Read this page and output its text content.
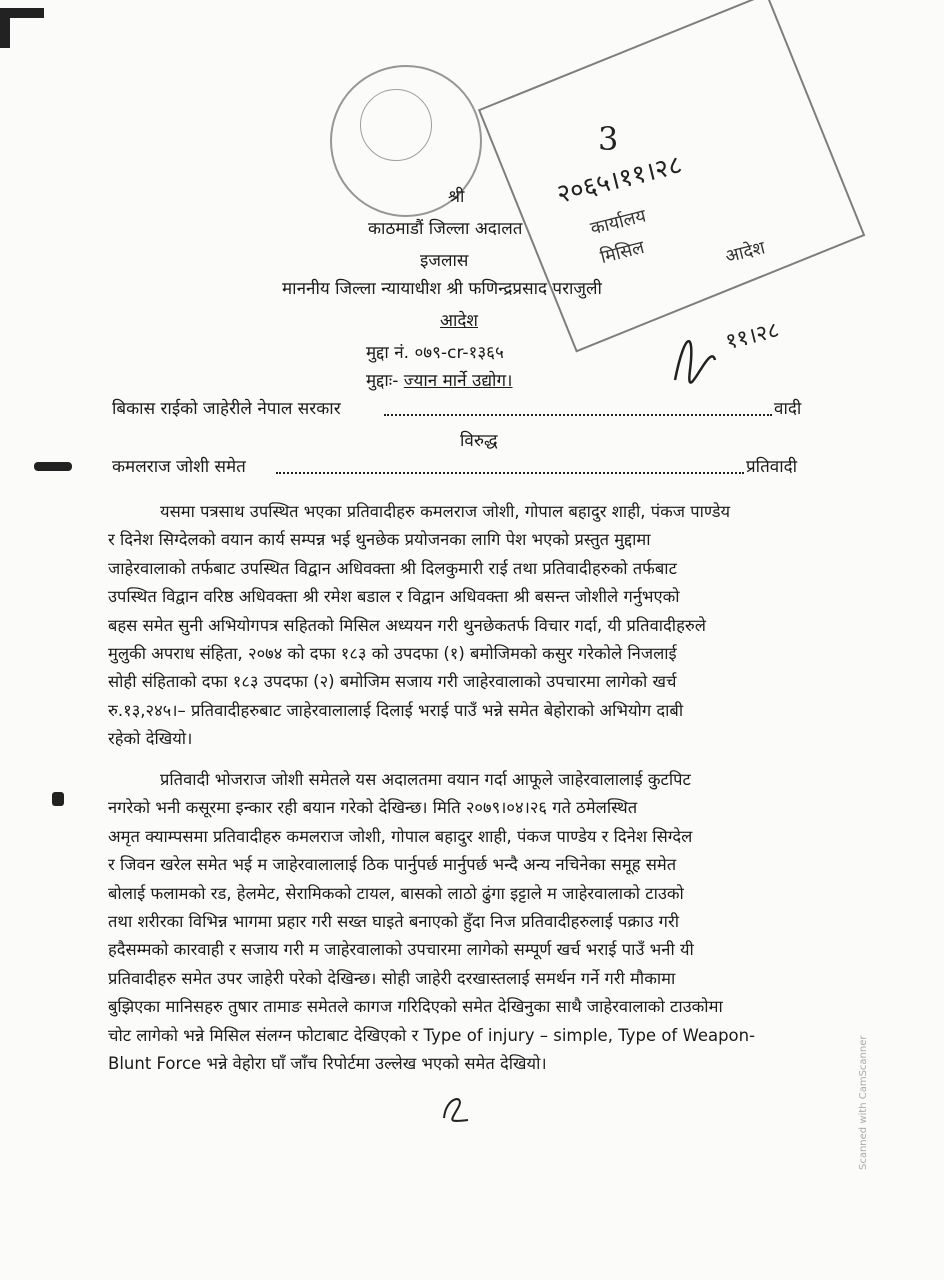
3
२०६५।११।२८
कार्यालय
मिसिल	आदेश
११।२८
श्री
काठमाडौं जिल्ला अदालत
इजलास
माननीय जिल्ला न्यायाधीश श्री फणिन्द्रप्रसाद पराजुली
आदेश
मुद्दा नं. ०७९-cr-१३६५
मुद्दाः- ज्यान मार्ने उद्योग।
बिकास राईको जाहेरीले नेपाल सरकार	वादी
विरुद्ध
कमलराज जोशी समेत	प्रतिवादी
यसमा पत्रसाथ उपस्थित भएका प्रतिवादीहरु कमलराज जोशी, गोपाल बहादुर शाही, पंकज पाण्डेय
र दिनेश सिग्देलको वयान कार्य सम्पन्न भई थुनछेक प्रयोजनका लागि पेश भएको प्रस्तुत मुद्दामा
जाहेरवालाको तर्फबाट उपस्थित विद्वान अधिवक्ता श्री दिलकुमारी राई तथा प्रतिवादीहरुको तर्फबाट
उपस्थित विद्वान वरिष्ठ अधिवक्ता श्री रमेश बडाल र विद्वान अधिवक्ता श्री बसन्त जोशीले गर्नुभएको
बहस समेत सुनी अभियोगपत्र सहितको मिसिल अध्ययन गरी थुनछेकतर्फ विचार गर्दा, यी प्रतिवादीहरुले
मुलुकी अपराध संहिता, २०७४ को दफा १८३ को उपदफा (१) बमोजिमको कसुर गरेकोले निजलाई
सोही संहिताको दफा १८३ उपदफा (२) बमोजिम सजाय गरी जाहेरवालाको उपचारमा लागेको खर्च
रु.१३,२४५।– प्रतिवादीहरुबाट जाहेरवालालाई दिलाई भराई पाउँ भन्ने समेत बेहोराको अभियोग दाबी
रहेको देखियो।
प्रतिवादी भोजराज जोशी समेतले यस अदालतमा वयान गर्दा आफूले जाहेरवालालाई कुटपिट
नगरेको भनी कसूरमा इन्कार रही बयान गरेको देखिन्छ। मिति २०७९।०४।२६ गते ठमेलस्थित
अमृत क्याम्पसमा प्रतिवादीहरु कमलराज जोशी, गोपाल बहादुर शाही, पंकज पाण्डेय र दिनेश सिग्देल
र जिवन खरेल समेत भई म जाहेरवालालाई ठिक पार्नुपर्छ मार्नुपर्छ भन्दै अन्य नचिनेका समूह समेत
बोलाई फलामको रड, हेलमेट, सेरामिकको टायल, बासको लाठो ढुंगा इट्टाले म जाहेरवालाको टाउको
तथा शरीरका विभिन्न भागमा प्रहार गरी सख्त घाइते बनाएको हुँदा निज प्रतिवादीहरुलाई पक्राउ गरी
हदैसम्मको कारवाही र सजाय गरी म जाहेरवालाको उपचारमा लागेको सम्पूर्ण खर्च भराई पाउँ भनी यी
प्रतिवादीहरु समेत उपर जाहेरी परेको देखिन्छ। सोही जाहेरी दरखास्तलाई समर्थन गर्ने गरी मौकामा
बुझिएका मानिसहरु तुषार तामाङ समेतले कागज गरिदिएको समेत देखिनुका साथै जाहेरवालाको टाउकोमा
चोट लागेको भन्ने मिसिल संलग्न फोटाबाट देखिएको र Type of injury – simple, Type of Weapon-
Blunt Force भन्ने वेहोरा घाँ जाँच रिपोर्टमा उल्लेख भएको समेत देखियो।	Scanned with CamScanner
